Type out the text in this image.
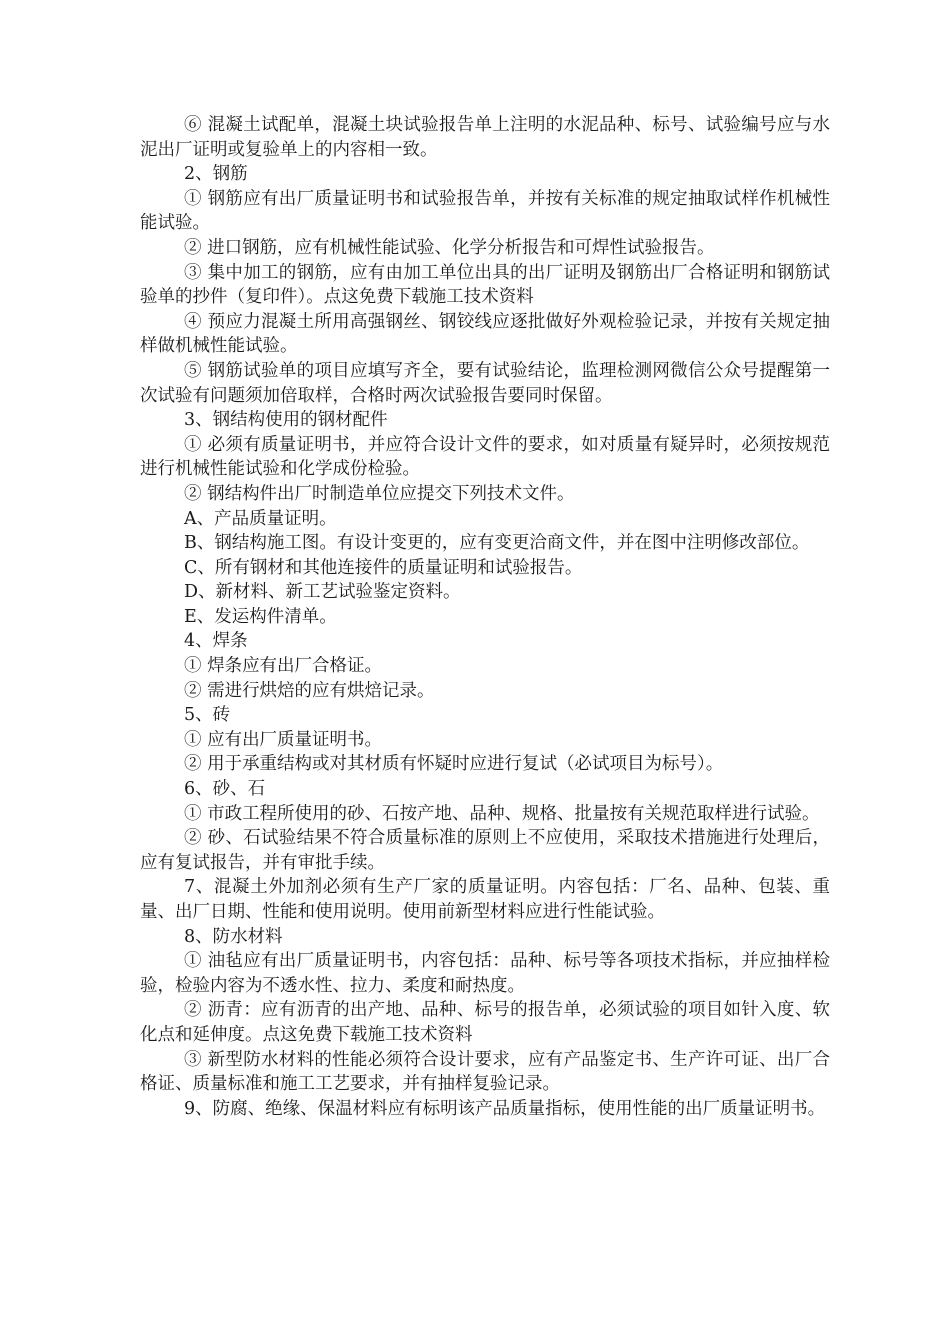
⑥ 混凝土试配单，混凝土块试验报告单上注明的水泥品种、标号、试验编号应与水泥出厂证明或复验单上的内容相一致。

2、钢筋

① 钢筋应有出厂质量证明书和试验报告单，并按有关标准的规定抽取试样作机械性能试验。

② 进口钢筋，应有机械性能试验、化学分析报告和可焊性试验报告。

③ 集中加工的钢筋，应有由加工单位出具的出厂证明及钢筋出厂合格证明和钢筋试验单的抄件（复印件）。点这免费下载施工技术资料

④ 预应力混凝土所用高强钢丝、钢铰线应逐批做好外观检验记录，并按有关规定抽样做机械性能试验。

⑤ 钢筋试验单的项目应填写齐全，要有试验结论，监理检测网微信公众号提醒第一次试验有问题须加倍取样，合格时两次试验报告要同时保留。

3、钢结构使用的钢材配件

① 必须有质量证明书，并应符合设计文件的要求，如对质量有疑异时，必须按规范进行机械性能试验和化学成份检验。

② 钢结构件出厂时制造单位应提交下列技术文件。

A、产品质量证明。

B、钢结构施工图。有设计变更的，应有变更洽商文件，并在图中注明修改部位。

C、所有钢材和其他连接件的质量证明和试验报告。

D、新材料、新工艺试验鉴定资料。

E、发运构件清单。

4、焊条

① 焊条应有出厂合格证。

② 需进行烘焙的应有烘焙记录。

5、砖

① 应有出厂质量证明书。

② 用于承重结构或对其材质有怀疑时应进行复试（必试项目为标号）。

6、砂、石

① 市政工程所使用的砂、石按产地、品种、规格、批量按有关规范取样进行试验。

② 砂、石试验结果不符合质量标准的原则上不应使用，采取技术措施进行处理后，应有复试报告，并有审批手续。

7、混凝土外加剂必须有生产厂家的质量证明。内容包括：厂名、品种、包装、重量、出厂日期、性能和使用说明。使用前新型材料应进行性能试验。

8、防水材料

① 油毡应有出厂质量证明书，内容包括：品种、标号等各项技术指标，并应抽样检验，检验内容为不透水性、拉力、柔度和耐热度。

② 沥青：应有沥青的出产地、品种、标号的报告单，必须试验的项目如针入度、软化点和延伸度。点这免费下载施工技术资料

③ 新型防水材料的性能必须符合设计要求，应有产品鉴定书、生产许可证、出厂合格证、质量标准和施工工艺要求，并有抽样复验记录。

9、防腐、绝缘、保温材料应有标明该产品质量指标，使用性能的出厂质量证明书。
